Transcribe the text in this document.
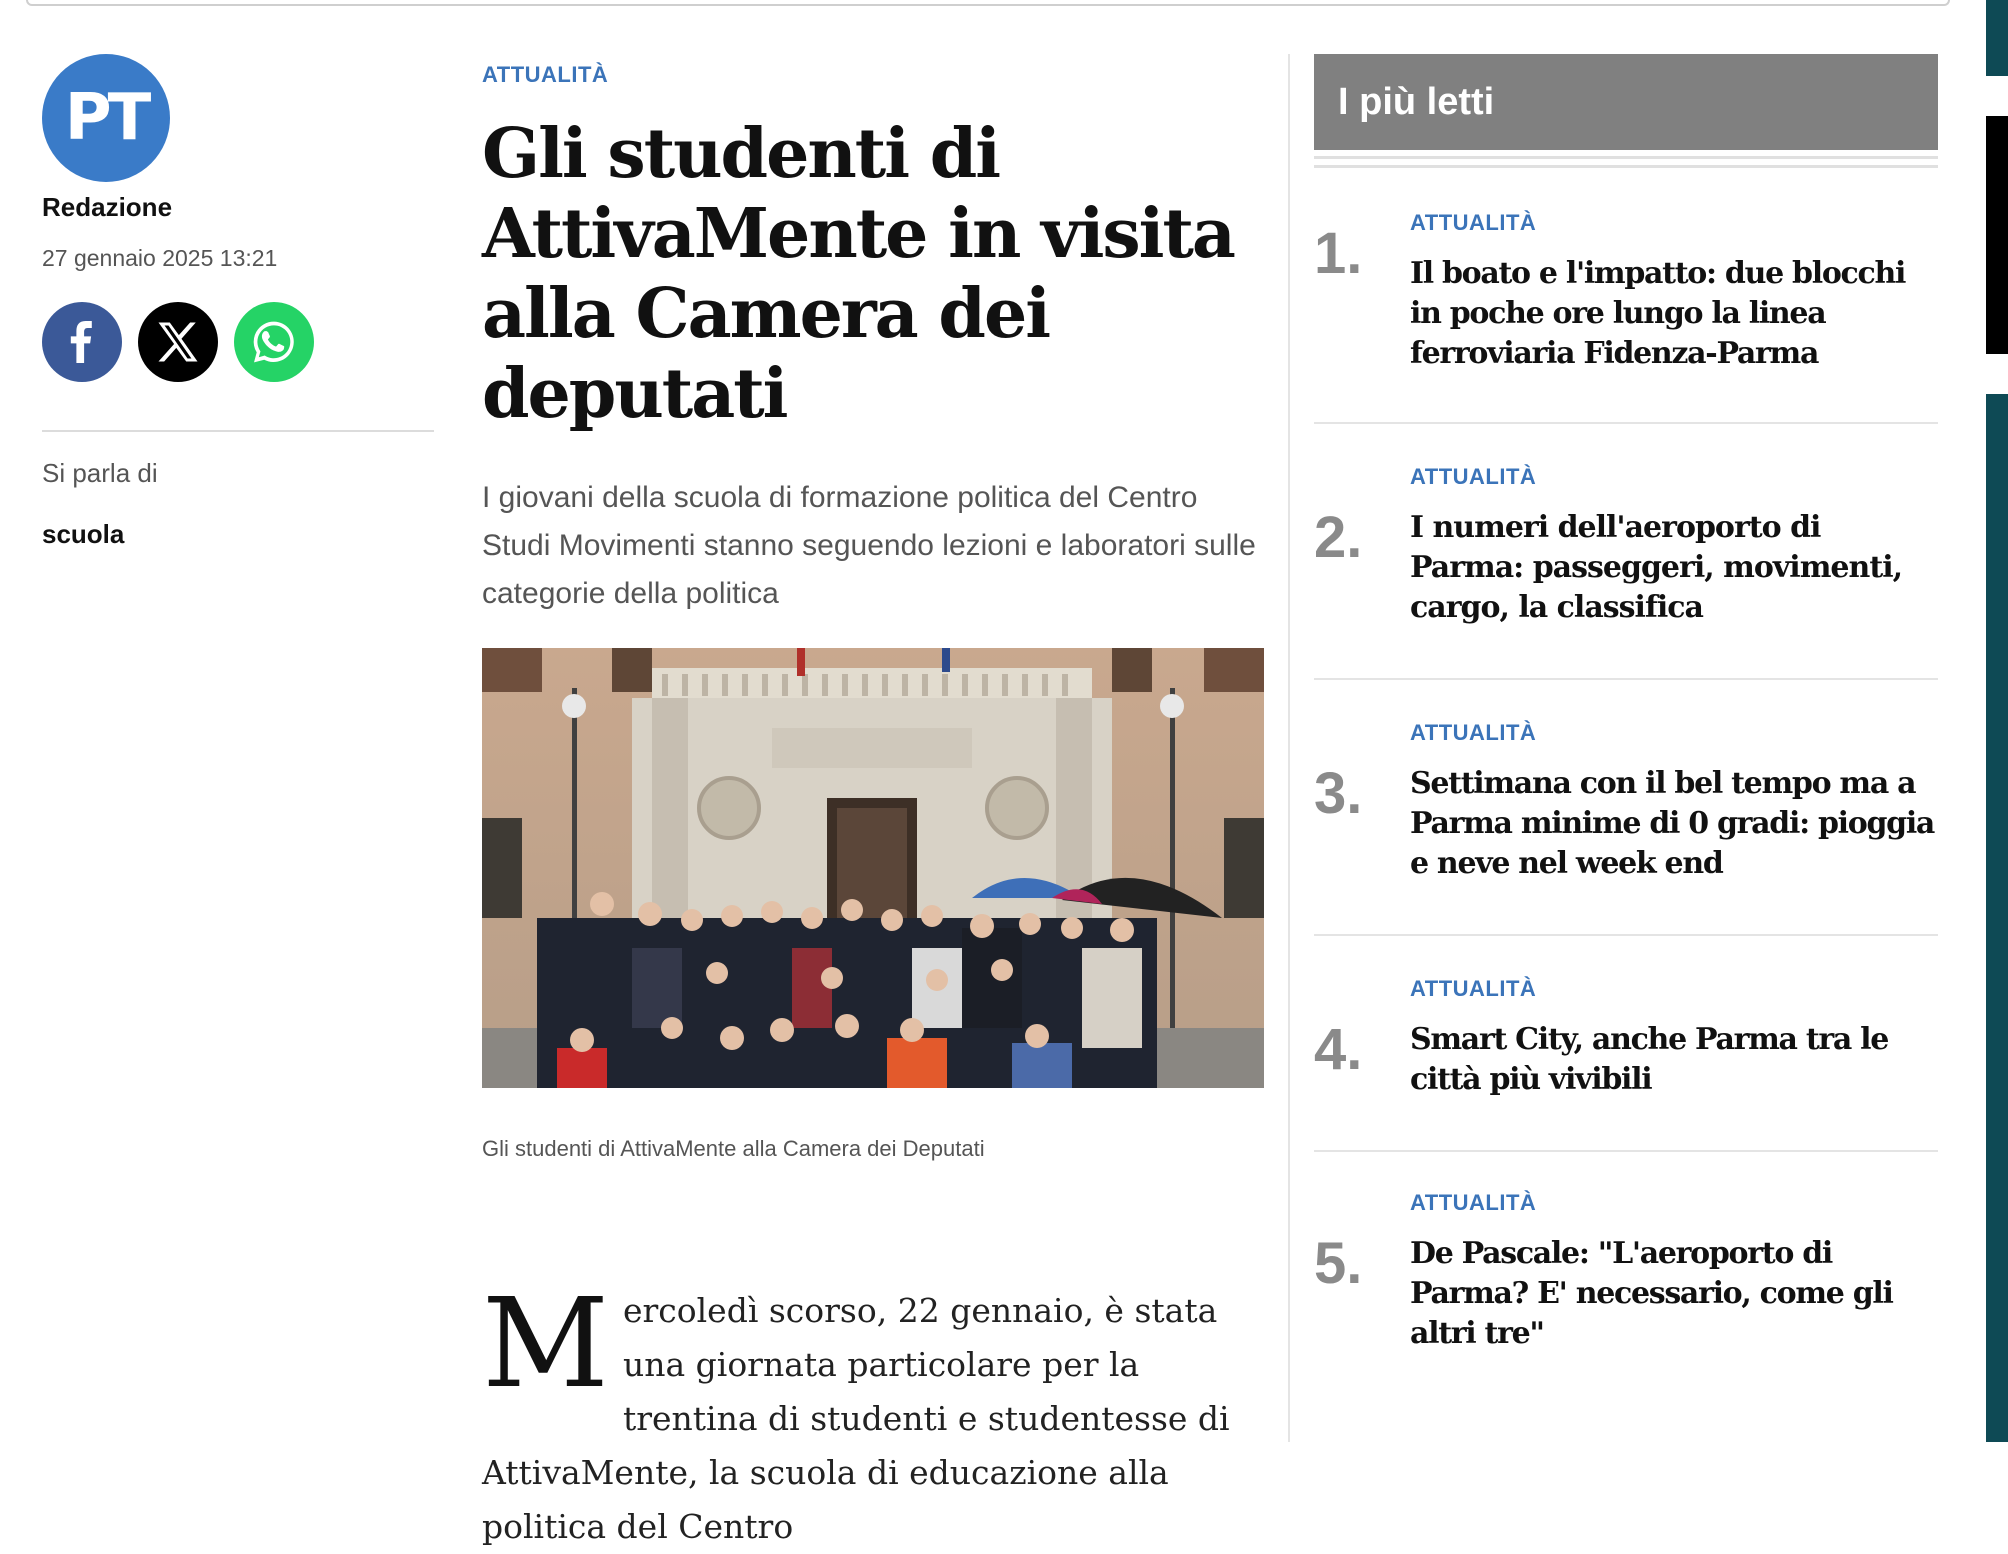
PT
Redazione
27 gennaio 2025 13:21
Si parla di
scuola
ATTUALITÀ
Gli studenti di AttivaMente in visita alla Camera dei deputati

I giovani della scuola di formazione politica del Centro Studi Movimenti stanno seguendo lezioni e laboratori sulle categorie della politica

Gli studenti di AttivaMente alla Camera dei Deputati

Mercoledì scorso, 22 gennaio, è stata una giornata particolare per la trentina di studenti e studentesse di AttivaMente, la scuola di educazione alla politica del Centro
I più letti
1. ATTUALITÀ
Il boato e l'impatto: due blocchi in poche ore lungo la linea ferroviaria Fidenza-Parma
2.
ATTUALITÀ
I numeri dell'aeroporto di Parma: passeggeri, movimenti, cargo, la classifica
3.
ATTUALITÀ
Settimana con il bel tempo ma a Parma minime di 0 gradi: pioggia e neve nel week end
4.
ATTUALITÀ
Smart City, anche Parma tra le città più vivibili
5.
ATTUALITÀ
De Pascale: "L'aeroporto di Parma? E' necessario, come gli altri tre"
